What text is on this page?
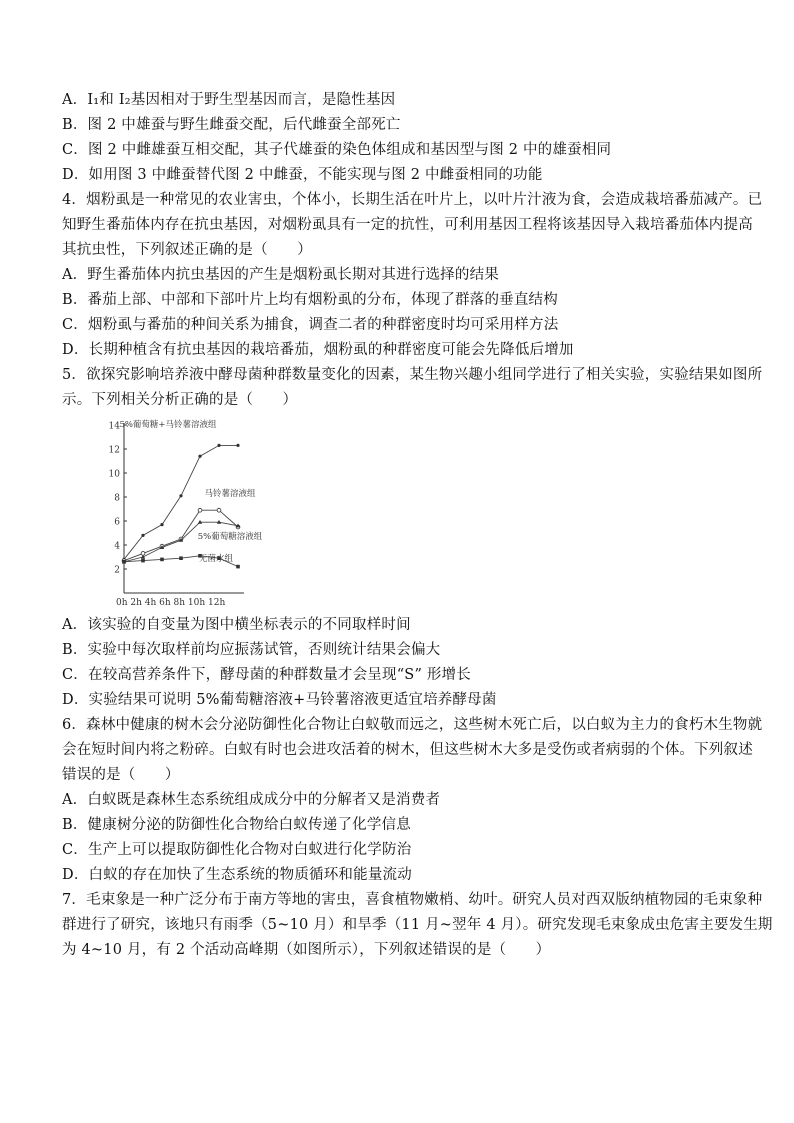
A．I₁和 I₂基因相对于野生型基因而言，是隐性基因
B．图 2 中雄蚕与野生雌蚕交配，后代雌蚕全部死亡
C．图 2 中雌雄蚕互相交配，其子代雄蚕的染色体组成和基因型与图 2 中的雄蚕相同
D．如用图 3 中雌蚕替代图 2 中雌蚕，不能实现与图 2 中雌蚕相同的功能
4．烟粉虱是一种常见的农业害虫，个体小，长期生活在叶片上，以叶片汁液为食，会造成栽培番茄减产。已
知野生番茄体内存在抗虫基因，对烟粉虱具有一定的抗性，可利用基因工程将该基因导入栽培番茄体内提高
其抗虫性，下列叙述正确的是（　　）
A．野生番茄体内抗虫基因的产生是烟粉虱长期对其进行选择的结果
B．番茄上部、中部和下部叶片上均有烟粉虱的分布，体现了群落的垂直结构
C．烟粉虱与番茄的种间关系为捕食，调查二者的种群密度时均可采用样方法
D．长期种植含有抗虫基因的栽培番茄，烟粉虱的种群密度可能会先降低后增加
5．欲探究影响培养液中酵母菌种群数量变化的因素，某生物兴趣小组同学进行了相关实验，实验结果如图所
示。下列相关分析正确的是（　　）
2
4
6
8
10
12
14
0h 2h 4h 6h 8h 10h 12h
5%葡萄糖+马铃薯溶液组
马铃薯溶液组
5%葡萄糖溶液组
无菌水组
A．该实验的自变量为图中横坐标表示的不同取样时间
B．实验中每次取样前均应振荡试管，否则统计结果会偏大
C．在较高营养条件下，酵母菌的种群数量才会呈现“S” 形增长
D．实验结果可说明 5%葡萄糖溶液+马铃薯溶液更适宜培养酵母菌
6．森林中健康的树木会分泌防御性化合物让白蚁敬而远之，这些树木死亡后，以白蚁为主力的食朽木生物就
会在短时间内将之粉碎。白蚁有时也会进攻活着的树木，但这些树木大多是受伤或者病弱的个体。下列叙述
错误的是（　　）
A．白蚁既是森林生态系统组成成分中的分解者又是消费者
B．健康树分泌的防御性化合物给白蚁传递了化学信息
C．生产上可以提取防御性化合物对白蚁进行化学防治
D．白蚁的存在加快了生态系统的物质循环和能量流动
7．毛束象是一种广泛分布于南方等地的害虫，喜食植物嫩梢、幼叶。研究人员对西双版纳植物园的毛束象种
群进行了研究，该地只有雨季（5~10 月）和旱季（11 月~翌年 4 月）。研究发现毛束象成虫危害主要发生期
为 4~10 月，有 2 个活动高峰期（如图所示），下列叙述错误的是（　　）
